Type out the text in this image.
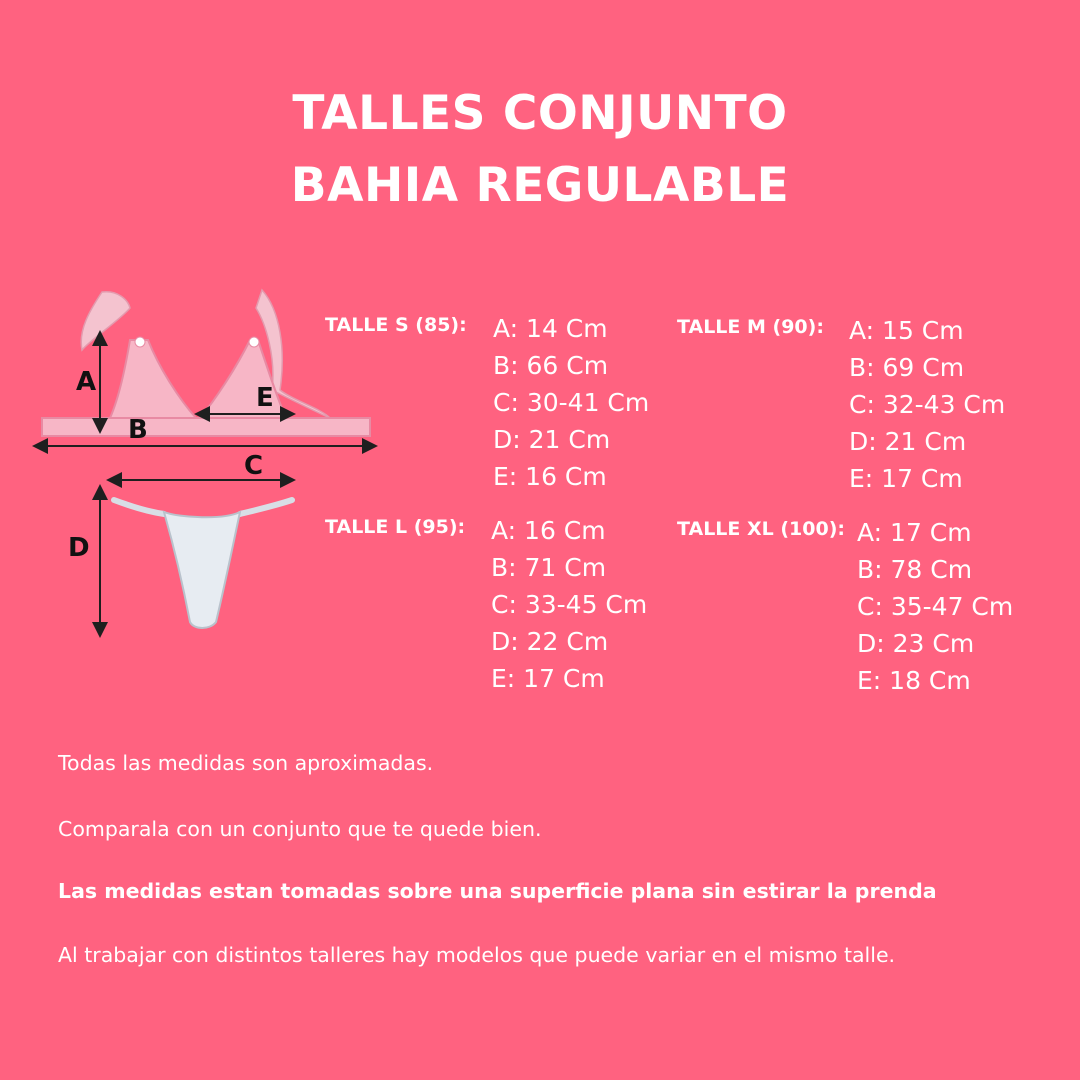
TALLES CONJUNTO
BAHIA REGULABLE
A
E
B
C
D
TALLE S (85): A: 14 Cm
B: 66 Cm
C: 30-41 Cm
D: 21 Cm
E: 16 Cm
TALLE M (90): A: 15 Cm
B: 69 Cm
C: 32-43 Cm
D: 21 Cm
E: 17 Cm
TALLE L (95): A: 16 Cm
B: 71 Cm
C: 33-45 Cm
D: 22 Cm
E: 17 Cm
TALLE XL (100): A: 17 Cm
B: 78 Cm
C: 35-47 Cm
D: 23 Cm
E: 18 Cm

Todas las medidas son aproximadas.

Comparala con un conjunto que te quede bien.

Las medidas estan tomadas sobre una superficie plana sin estirar la prenda

Al trabajar con distintos talleres hay modelos que puede variar en el mismo talle.
